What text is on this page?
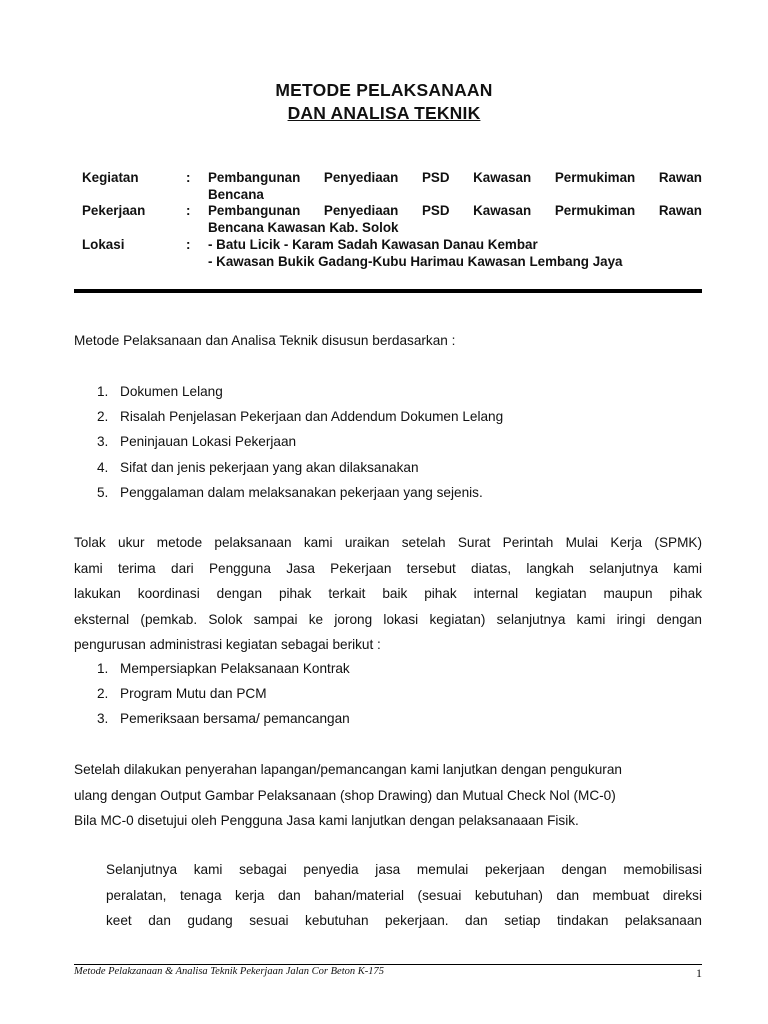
METODE PELAKSANAAN
DAN ANALISA TEKNIK
Kegiatan	: Pembangunan Penyediaan PSD Kawasan Permukiman Rawan
Bencana
Pekerjaan	: Pembangunan Penyediaan PSD Kawasan Permukiman Rawan
Bencana Kawasan Kab. Solok
Lokasi	: - Batu Licik - Karam Sadah Kawasan Danau Kembar
- Kawasan Bukik Gadang-Kubu Harimau Kawasan Lembang Jaya
Metode Pelaksanaan dan Analisa Teknik disusun berdasarkan :
1. Dokumen Lelang
2. Risalah Penjelasan Pekerjaan dan Addendum Dokumen Lelang
3. Peninjauan Lokasi Pekerjaan
4. Sifat dan jenis pekerjaan yang akan dilaksanakan
5. Penggalaman dalam melaksanakan pekerjaan yang sejenis.
Tolak ukur metode pelaksanaan kami uraikan setelah Surat Perintah Mulai Kerja (SPMK)
kami terima dari Pengguna Jasa Pekerjaan tersebut diatas, langkah selanjutnya kami
lakukan koordinasi dengan pihak terkait baik pihak internal kegiatan maupun pihak
eksternal (pemkab. Solok sampai ke jorong lokasi kegiatan) selanjutnya kami iringi dengan
pengurusan administrasi kegiatan sebagai berikut :
1. Mempersiapkan Pelaksanaan Kontrak
2. Program Mutu dan PCM
3. Pemeriksaan bersama/ pemancangan
Setelah dilakukan penyerahan lapangan/pemancangan kami lanjutkan dengan pengukuran
ulang dengan Output Gambar Pelaksanaan (shop Drawing) dan Mutual Check Nol (MC-0)
Bila MC-0 disetujui oleh Pengguna Jasa kami lanjutkan dengan pelaksanaaan Fisik.
Selanjutnya kami sebagai penyedia jasa memulai pekerjaan dengan memobilisasi
peralatan, tenaga kerja dan bahan/material (sesuai kebutuhan) dan membuat direksi
keet dan gudang sesuai kebutuhan pekerjaan. dan setiap tindakan pelaksanaan
Metode Pelakzanaan & Analisa Teknik Pekerjaan Jalan Cor Beton K-175	1
